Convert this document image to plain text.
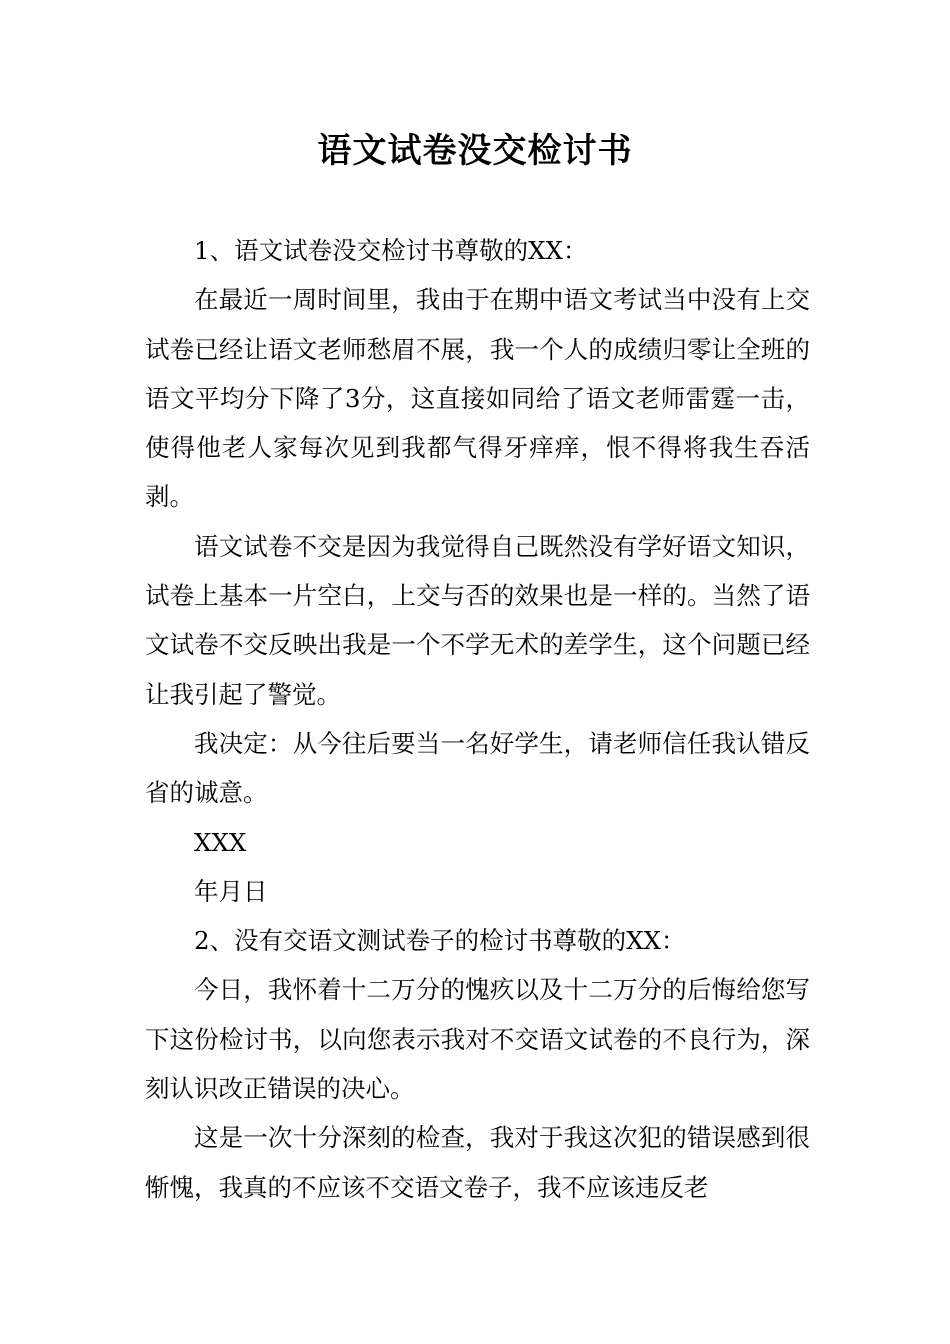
语文试卷没交检讨书

1、语文试卷没交检讨书尊敬的XX：

在最近一周时间里，我由于在期中语文考试当中没有上交试卷已经让语文老师愁眉不展，我一个人的成绩归零让全班的语文平均分下降了3分，这直接如同给了语文老师雷霆一击，使得他老人家每次见到我都气得牙痒痒，恨不得将我生吞活剥。

语文试卷不交是因为我觉得自己既然没有学好语文知识，试卷上基本一片空白，上交与否的效果也是一样的。当然了语文试卷不交反映出我是一个不学无术的差学生，这个问题已经让我引起了警觉。

我决定：从今往后要当一名好学生，请老师信任我认错反省的诚意。

XXX

年月日

2、没有交语文测试卷子的检讨书尊敬的XX：

今日，我怀着十二万分的愧疚以及十二万分的后悔给您写下这份检讨书，以向您表示我对不交语文试卷的不良行为，深刻认识改正错误的决心。

这是一次十分深刻的检查，我对于我这次犯的错误感到很惭愧，我真的不应该不交语文卷子，我不应该违反老
